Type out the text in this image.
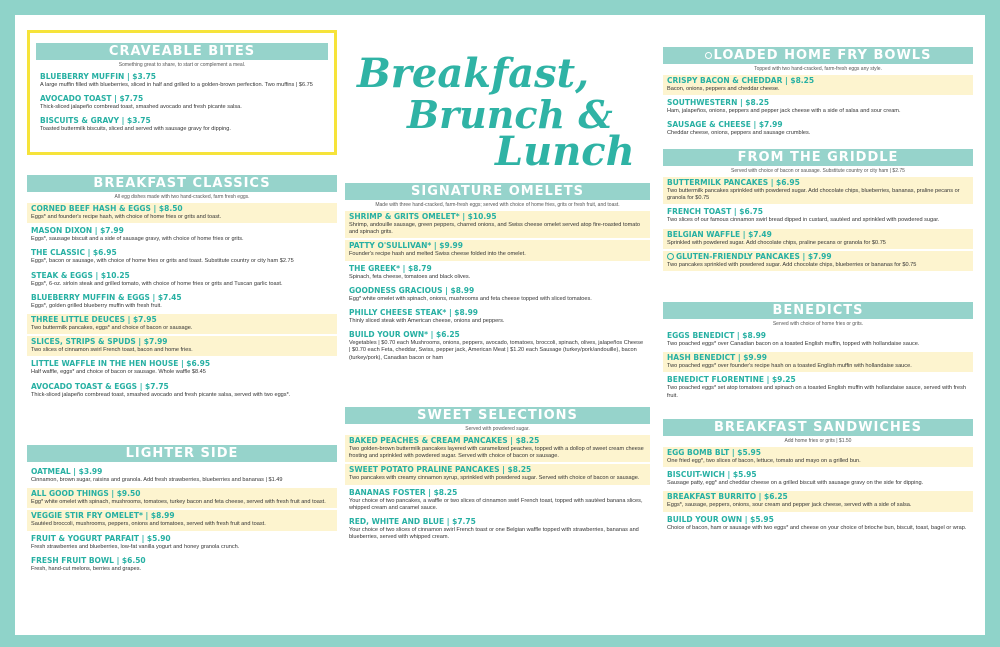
CRAVEABLE BITES
Something great to share, to start or complement a meal.
BLUEBERRY MUFFIN | $3.75
A large muffin filled with blueberries, sliced in half and grilled to a golden-brown perfection. Two muffins | $6.75
AVOCADO TOAST | $7.75
Thick-sliced jalapeño cornbread toast, smashed avocado and fresh picante salsa.
BISCUITS & GRAVY | $3.75
Toasted buttermilk biscuits, sliced and served with sausage gravy for dipping.
BREAKFAST CLASSICS
All egg dishes made with two hand-cracked, farm fresh eggs.
CORNED BEEF HASH & EGGS | $8.50
Eggs* and founder's recipe hash, with choice of home fries or grits and toast.
MASON DIXON | $7.99
Eggs*, sausage biscuit and a side of sausage gravy, with choice of home fries or grits.
THE CLASSIC | $6.95
Eggs*, bacon or sausage, with choice of home fries or grits and toast. Substitute country or city ham $2.75
STEAK & EGGS | $10.25
Eggs*, 6-oz. sirloin steak and grilled tomato, with choice of home fries or grits and Tuscan garlic toast.
BLUEBERRY MUFFIN & EGGS | $7.45
Eggs*, golden grilled blueberry muffin with fresh fruit.
THREE LITTLE DEUCES | $7.95
Two buttermilk pancakes, eggs* and choice of bacon or sausage.
SLICES, STRIPS & SPUDS | $7.99
Two slices of cinnamon swirl French toast, bacon and home fries.
LITTLE WAFFLE IN THE HEN HOUSE | $6.95
Half waffle, eggs* and choice of bacon or sausage. Whole waffle $8.45
AVOCADO TOAST & EGGS | $7.75
Thick-sliced jalapeño cornbread toast, smashed avocado and fresh picante salsa, served with two eggs*.
LIGHTER SIDE
OATMEAL | $3.99
Cinnamon, brown sugar, raisins and granola. Add fresh strawberries, blueberries and bananas | $1.49
ALL GOOD THINGS | $9.50
Egg* white omelet with spinach, mushrooms, tomatoes, turkey bacon and feta cheese, served with fresh fruit and toast.
VEGGIE STIR FRY OMELET* | $8.99
Sautéed broccoli, mushrooms, peppers, onions and tomatoes, served with fresh fruit and toast.
FRUIT & YOGURT PARFAIT | $5.90
Fresh strawberries and blueberries, low-fat vanilla yogurt and honey granola crunch.
FRESH FRUIT BOWL | $6.50
Fresh, hand-cut melons, berries and grapes.
Breakfast,
Brunch &
Lunch
SIGNATURE OMELETS
Made with three hand-cracked, farm-fresh eggs; served with choice of home fries, grits or fresh fruit, and toast.
SHRIMP & GRITS OMELET* | $10.95
Shrimp, andouille sausage, green peppers, charred onions, and Swiss cheese omelet served atop fire-roasted tomato and spinach grits.
PATTY O'SULLIVAN* | $9.99
Founder's recipe hash and melted Swiss cheese folded into the omelet.
THE GREEK* | $8.79
Spinach, feta cheese, tomatoes and black olives.
GOODNESS GRACIOUS | $8.99
Egg* white omelet with spinach, onions, mushrooms and feta cheese topped with sliced tomatoes.
PHILLY CHEESE STEAK* | $8.99
Thinly sliced steak with American cheese, onions and peppers.
BUILD YOUR OWN* | $6.25
Vegetables | $0.70 each Mushrooms, onions, peppers, avocado, tomatoes, broccoli, spinach, olives, jalapeños Cheese | $0.70 each Feta, cheddar, Swiss, pepper jack, American Meat | $1.20 each Sausage (turkey/pork/andouille), bacon (turkey/pork), Canadian bacon or ham
SWEET SELECTIONS
Served with powdered sugar.
BAKED PEACHES & CREAM PANCAKES | $8.25
Two golden-brown buttermilk pancakes layered with caramelized peaches, topped with a dollop of sweet cream cheese frosting and sprinkled with powdered sugar. Served with choice of bacon or sausage.
SWEET POTATO PRALINE PANCAKES | $8.25
Two pancakes with creamy cinnamon syrup, sprinkled with powdered sugar. Served with choice of bacon or sausage.
BANANAS FOSTER | $8.25
Your choice of two pancakes, a waffle or two slices of cinnamon swirl French toast, topped with sautéed banana slices, whipped cream and caramel sauce.
RED, WHITE AND BLUE | $7.75
Your choice of two slices of cinnamon swirl French toast or one Belgian waffle topped with strawberries, bananas and blueberries, served with whipped cream.
LOADED HOME FRY BOWLS
Topped with two hand-cracked, farm-fresh eggs any style.
CRISPY BACON & CHEDDAR | $8.25
Bacon, onions, peppers and cheddar cheese.
SOUTHWESTERN | $8.25
Ham, jalapeños, onions, peppers and pepper jack cheese with a side of salsa and sour cream.
SAUSAGE & CHEESE | $7.99
Cheddar cheese, onions, peppers and sausage crumbles.
FROM THE GRIDDLE
Served with choice of bacon or sausage. Substitute country or city ham | $2.75
BUTTERMILK PANCAKES | $6.95
Two buttermilk pancakes sprinkled with powdered sugar. Add chocolate chips, blueberries, bananas, praline pecans or granola for $0.75
FRENCH TOAST | $6.75
Two slices of our famous cinnamon swirl bread dipped in custard, sautéed and sprinkled with powdered sugar.
BELGIAN WAFFLE | $7.49
Sprinkled with powdered sugar. Add chocolate chips, praline pecans or granola for $0.75
GLUTEN-FRIENDLY PANCAKES | $7.99
Two pancakes sprinkled with powdered sugar. Add chocolate chips, blueberries or bananas for $0.75
BENEDICTS
Served with choice of home fries or grits.
EGGS BENEDICT | $8.99
Two poached eggs* over Canadian bacon on a toasted English muffin, topped with hollandaise sauce.
HASH BENEDICT | $9.99
Two poached eggs* over founder's recipe hash on a toasted English muffin with hollandaise sauce.
BENEDICT FLORENTINE | $9.25
Two poached eggs* set atop tomatoes and spinach on a toasted English muffin with hollandaise sauce, served with fresh fruit.
BREAKFAST SANDWICHES
Add home fries or grits | $1.50
EGG BOMB BLT | $5.95
One fried egg*, two slices of bacon, lettuce, tomato and mayo on a grilled bun.
BISCUIT-WICH | $5.95
Sausage patty, egg* and cheddar cheese on a grilled biscuit with sausage gravy on the side for dipping.
BREAKFAST BURRITO | $6.25
Eggs*, sausage, peppers, onions, sour cream and pepper jack cheese, served with a side of salsa.
BUILD YOUR OWN | $5.95
Choice of bacon, ham or sausage with two eggs* and cheese on your choice of brioche bun, biscuit, toast, bagel or wrap.
